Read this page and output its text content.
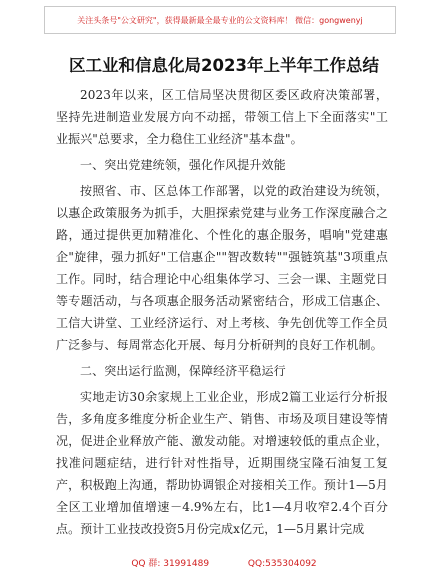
关注头条号"公文研究"，获得最新最全最专业的公文资料库！ 微信：gongwenyj
区工业和信息化局2023年上半年工作总结

2023年以来，区工信局坚决贯彻区委区政府决策部署，坚持先进制造业发展方向不动摇，带领工信上下全面落实"工业振兴"总要求，全力稳住工业经济"基本盘"。

一、突出党建统领，强化作风提升效能

按照省、市、区总体工作部署，以党的政治建设为统领，以惠企政策服务为抓手，大胆探索党建与业务工作深度融合之路，通过提供更加精准化、个性化的惠企服务，唱响"党建惠企"旋律，强力抓好"工信惠企""智改数转""强链筑基"3项重点工作。同时，结合理论中心组集体学习、三会一课、主题党日等专题活动，与各项惠企服务活动紧密结合，形成工信惠企、工信大讲堂、工业经济运行、对上考核、争先创优等工作全员广泛参与、每周常态化开展、每月分析研判的良好工作机制。

二、突出运行监测，保障经济平稳运行

实地走访30余家规上工业企业，形成2篇工业运行分析报告，多角度多维度分析企业生产、销售、市场及项目建设等情况，促进企业释放产能、激发动能。对增速较低的重点企业，找准问题症结，进行针对性指导，近期围绕宝隆石油复工复产，积极跑上沟通，帮助协调银企对接相关工作。预计1—5月全区工业增加值增速－4.9%左右，比1—4月收窄2.4个百分点。预计工业技改投资5月份完成x亿元，1—5月累计完成

QQ 群: 31991489	QQ:535304092
